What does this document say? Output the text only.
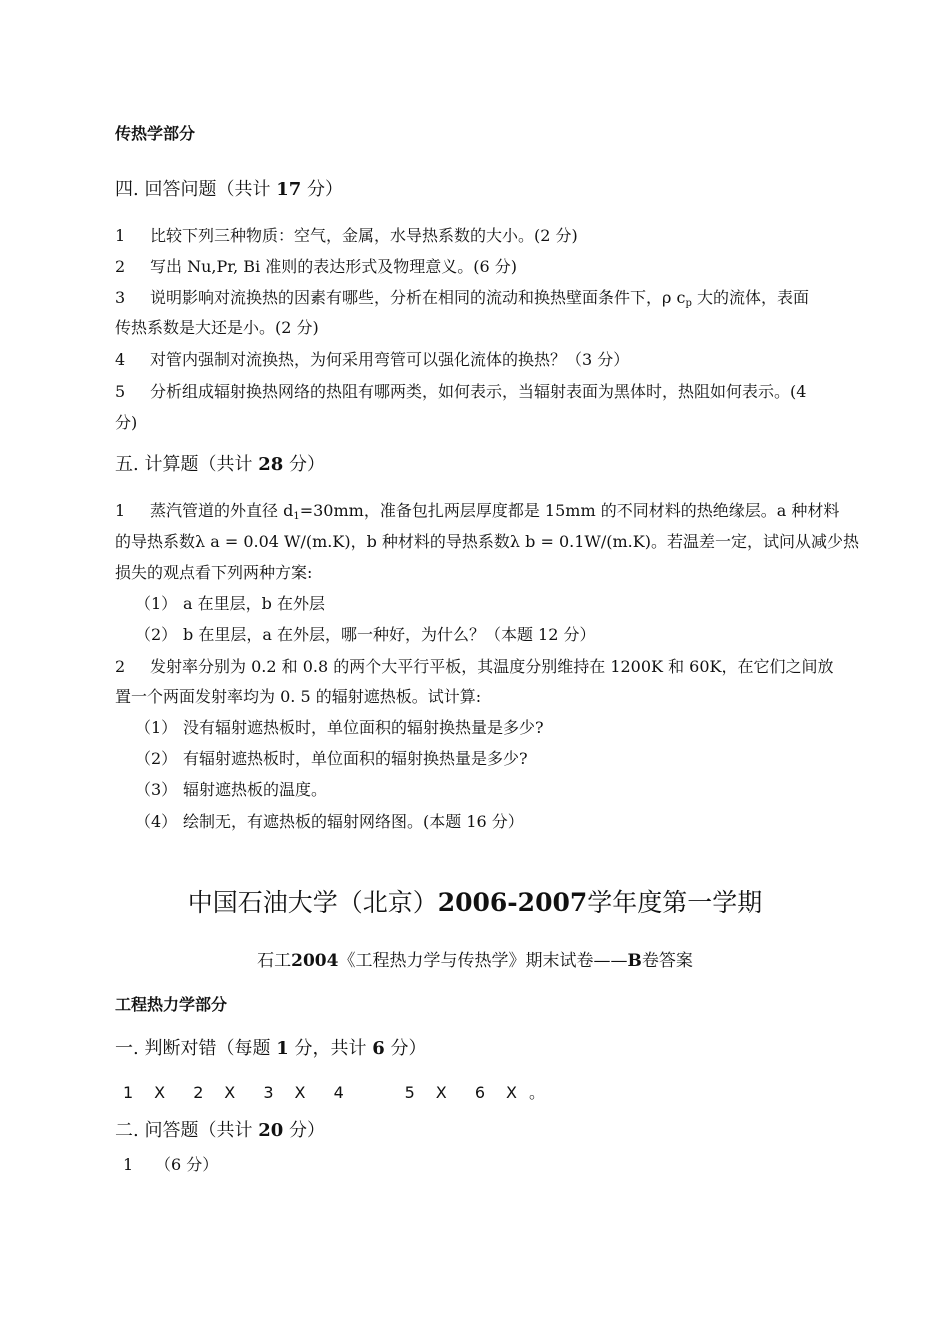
传热学部分
四. 回答问题（共计 17 分）
1 比较下列三种物质：空气，金属，水导热系数的大小。(2 分)
2 写出 Nu,Pr, Bi 准则的表达形式及物理意义。(6 分)
3 说明影响对流换热的因素有哪些，分析在相同的流动和换热壁面条件下，ρ $c_p$ 大的流体，表面
传热系数是大还是小。(2 分)
4 对管内强制对流换热，为何采用弯管可以强化流体的换热？（3 分）
5 分析组成辐射换热网络的热阻有哪两类，如何表示，当辐射表面为黑体时，热阻如何表示。(4
分)
五. 计算题（共计 28 分）
1 蒸汽管道的外直径 $d_1=30mm$，准备包扎两层厚度都是 15mm 的不同材料的热绝缘层。a 种材料
的导热系数λ a = 0.04 W/(m.K)，b 种材料的导热系数λ b = 0.1W/(m.K)。若温差一定，试问从减少热
损失的观点看下列两种方案:
（1） a 在里层，b 在外层
（2） b 在里层，a 在外层，哪一种好，为什么？（本题 12 分）
2 发射率分别为 0.2 和 0.8 的两个大平行平板，其温度分别维持在 1200K 和 60K，在它们之间放
置一个两面发射率均为 0. 5 的辐射遮热板。试计算:
（1） 没有辐射遮热板时，单位面积的辐射换热量是多少?
（2） 有辐射遮热板时，单位面积的辐射换热量是多少?
（3） 辐射遮热板的温度。
（4） 绘制无，有遮热板的辐射网络图。(本题 16 分）
中国石油大学（北京）2006-2007学年度第一学期
石工2004《工程热力学与传热学》期末试卷——B卷答案
工程热力学部分
一. 判断对错（每题 1 分，共计 6 分）
1 X 2 X 3 X 4	5 X 6 X 。
二. 问答题（共计 20 分）
1 （6 分）
